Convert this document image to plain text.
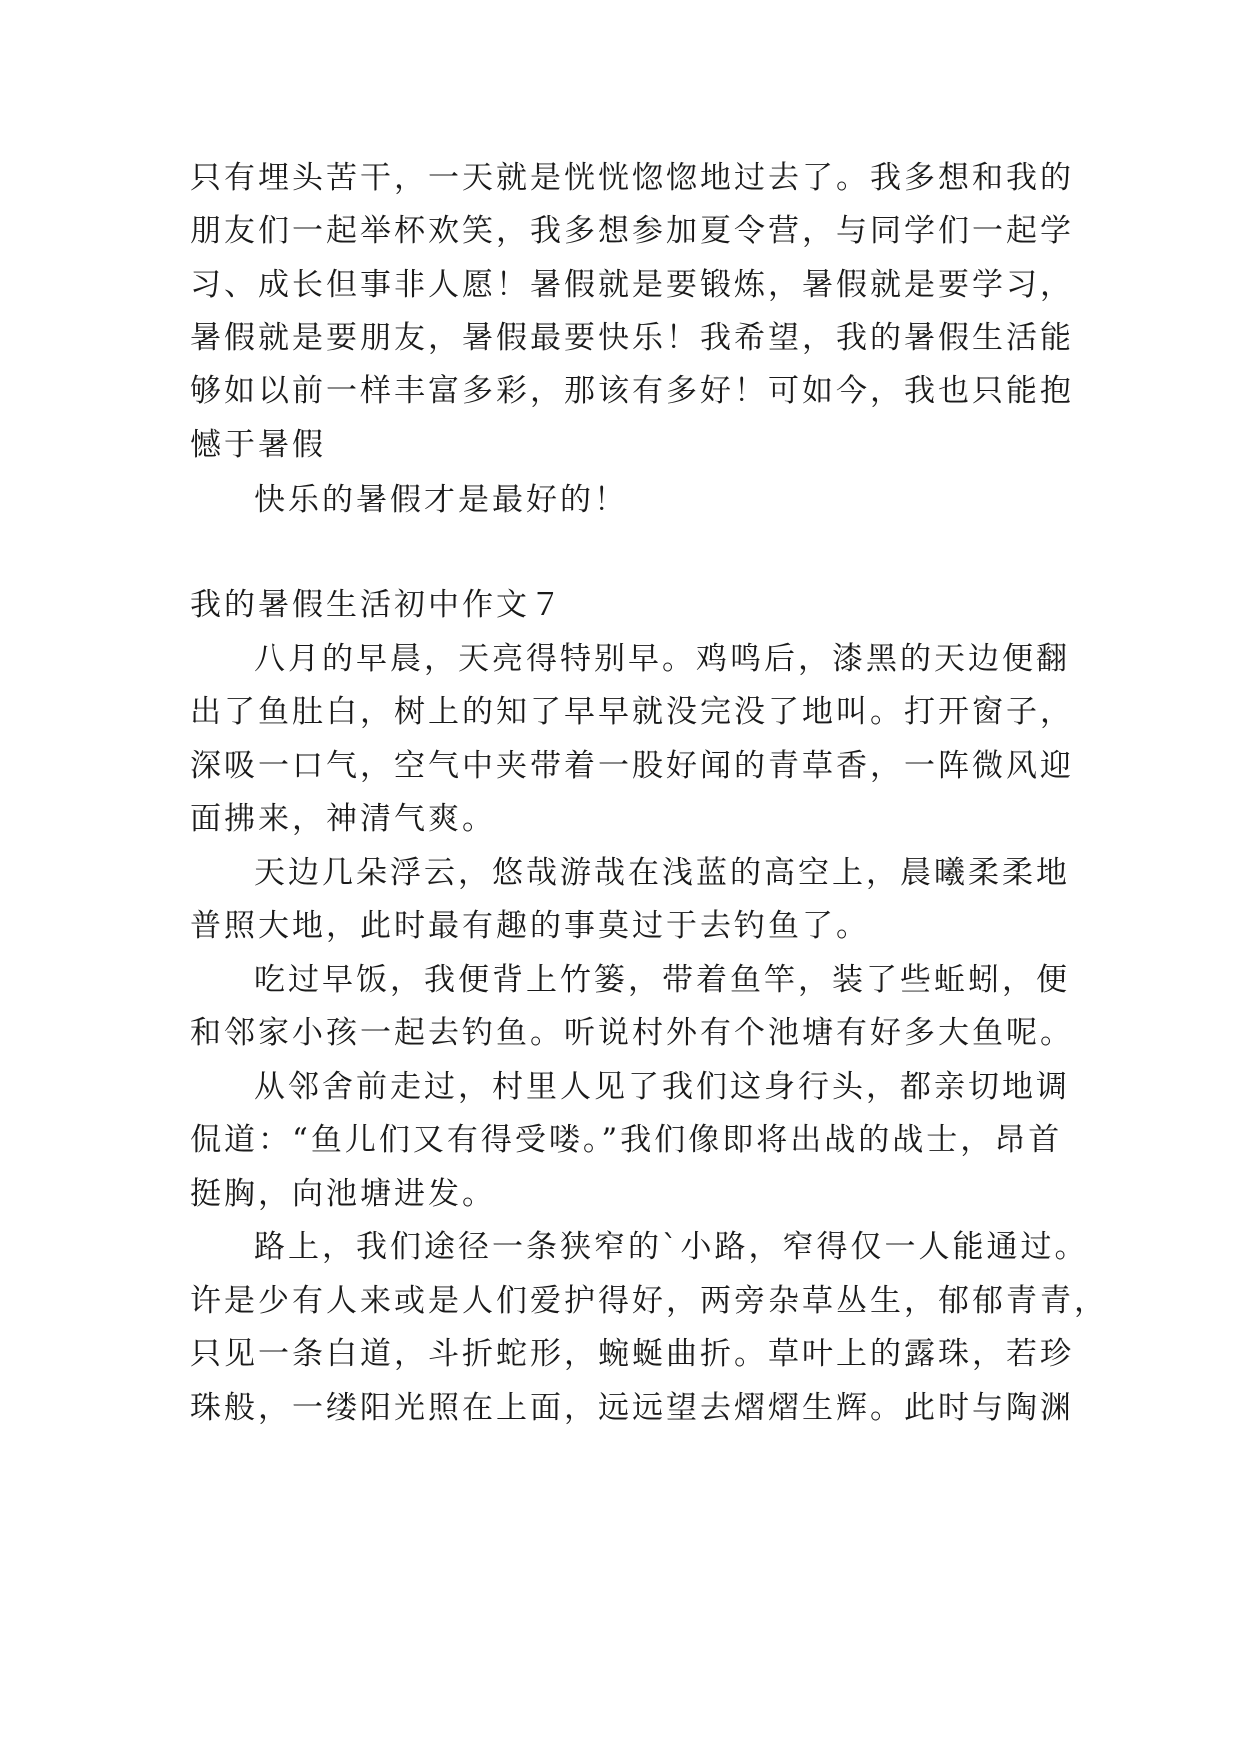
只有埋头苦干，一天就是恍恍惚惚地过去了。我多想和我的
朋友们一起举杯欢笑，我多想参加夏令营，与同学们一起学
习、成长但事非人愿！暑假就是要锻炼，暑假就是要学习，
暑假就是要朋友，暑假最要快乐！我希望，我的暑假生活能
够如以前一样丰富多彩，那该有多好！可如今，我也只能抱
憾于暑假
快乐的暑假才是最好的！
我的暑假生活初中作文７
八月的早晨，天亮得特别早。鸡鸣后，漆黑的天边便翻
出了鱼肚白，树上的知了早早就没完没了地叫。打开窗子，
深吸一口气，空气中夹带着一股好闻的青草香，一阵微风迎
面拂来，神清气爽。
天边几朵浮云，悠哉游哉在浅蓝的高空上，晨曦柔柔地
普照大地，此时最有趣的事莫过于去钓鱼了。
吃过早饭，我便背上竹篓，带着鱼竿，装了些蚯蚓，便
和邻家小孩一起去钓鱼。听说村外有个池塘有好多大鱼呢。
从邻舍前走过，村里人见了我们这身行头，都亲切地调
侃道：“鱼儿们又有得受喽。”我们像即将出战的战士，昂首
挺胸，向池塘进发。
路上，我们途径一条狭窄的`小路，窄得仅一人能通过。
许是少有人来或是人们爱护得好，两旁杂草丛生，郁郁青青，
只见一条白道，斗折蛇形，蜿蜒曲折。草叶上的露珠，若珍
珠般，一缕阳光照在上面，远远望去熠熠生辉。此时与陶渊
